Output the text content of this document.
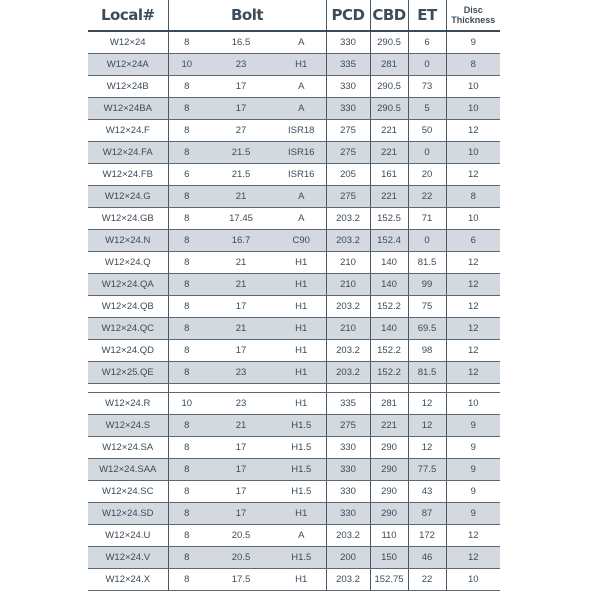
Local#	Bolt			PCD	CBD	ET	Disc
Thickness
W12×24	8	16.5	A	330	290.5	6	9
W12×24A	10	23	H1	335	281	0	8
W12×24B	8	17	A	330	290.5	73	10
W12×24BA	8	17	A	330	290.5	5	10
W12×24.F	8	27	ISR18	275	221	50	12
W12×24.FA	8	21.5	ISR16	275	221	0	10
W12×24.FB	6	21.5	ISR16	205	161	20	12
W12×24.G	8	21	A	275	221	22	8
W12×24.GB	8	17.45	A	203.2	152.5	71	10
W12×24.N	8	16.7	C90	203.2	152.4	0	6
W12×24.Q	8	21	H1	210	140	81.5	12
W12×24.QA	8	21	H1	210	140	99	12
W12×24.QB	8	17	H1	203.2	152.2	75	12
W12×24.QC	8	21	H1	210	140	69.5	12
W12×24.QD	8	17	H1	203.2	152.2	98	12
W12×25.QE	8	23	H1	203.2	152.2	81.5	12

W12×24.R	10	23	H1	335	281	12	10
W12×24.S	8	21	H1.5	275	221	12	9
W12×24.SA	8	17	H1.5	330	290	12	9
W12×24.SAA	8	17	H1.5	330	290	77.5	9
W12×24.SC	8	17	H1.5	330	290	43	9
W12×24.SD	8	17	H1	330	290	87	9
W12×24.U	8	20.5	A	203.2	110	172	12
W12×24.V	8	20.5	H1.5	200	150	46	12
W12×24.X	8	17.5	H1	203.2	152.75	22	10
